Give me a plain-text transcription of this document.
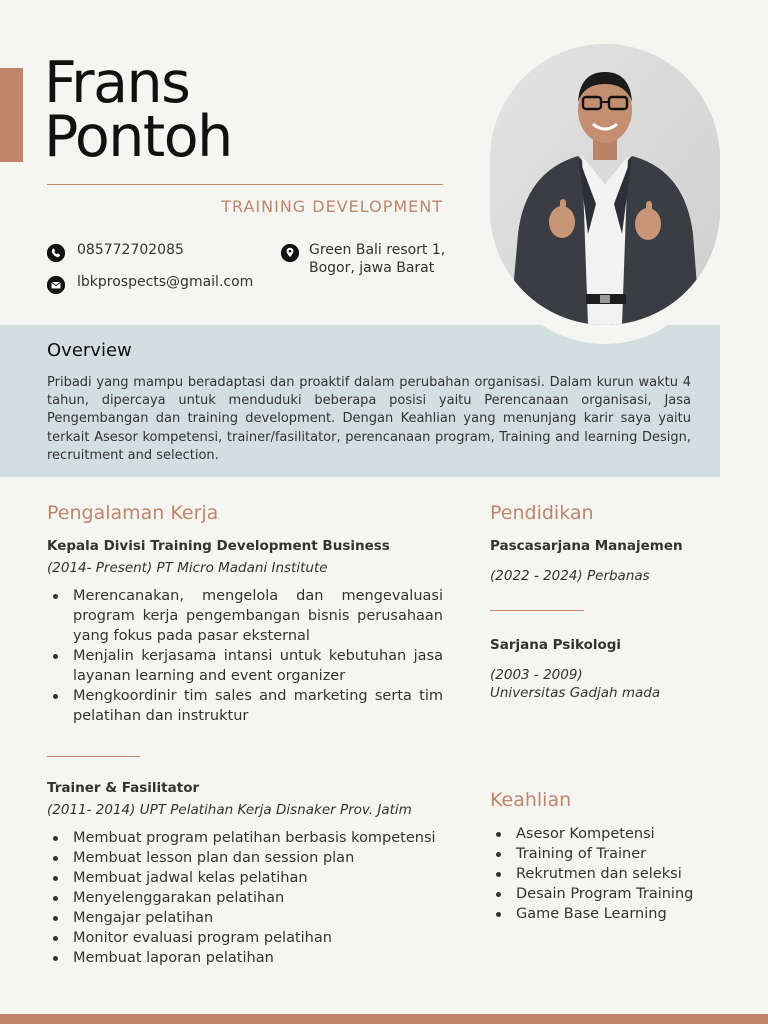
Frans
Pontoh
TRAINING DEVELOPMENT
085772702085
lbkprospects@gmail.com
Green Bali resort 1,
Bogor, jawa Barat
Overview
Pribadi yang mampu beradaptasi dan proaktif dalam perubahan organisasi. Dalam kurun waktu 4 tahun, dipercaya untuk menduduki beberapa posisi yaitu Perencanaan organisasi, Jasa Pengembangan dan training development. Dengan Keahlian yang menunjang karir saya yaitu terkait Asesor kompetensi, trainer/fasilitator, perencanaan program, Training and learning Design, recruitment and selection.
Pengalaman Kerja
Kepala Divisi Training Development Business
(2014- Present) PT Micro Madani Institute
Merencanakan, mengelola dan mengevaluasi program kerja pengembangan bisnis perusahaan yang fokus pada pasar eksternal
Menjalin kerjasama intansi untuk kebutuhan jasa layanan learning and event organizer
Mengkoordinir tim sales and marketing serta tim pelatihan dan instruktur
Trainer & Fasilitator
(2011- 2014) UPT Pelatihan Kerja Disnaker Prov. Jatim
Membuat program pelatihan berbasis kompetensi
Membuat lesson plan dan session plan
Membuat jadwal kelas pelatihan
Menyelenggarakan pelatihan
Mengajar pelatihan
Monitor evaluasi program pelatihan
Membuat laporan pelatihan
Pendidikan
Pascasarjana Manajemen
(2022 - 2024) Perbanas
Sarjana Psikologi
(2003 - 2009)
Universitas Gadjah mada
Keahlian
Asesor Kompetensi
Training of Trainer
Rekrutmen dan seleksi
Desain Program Training
Game Base Learning
